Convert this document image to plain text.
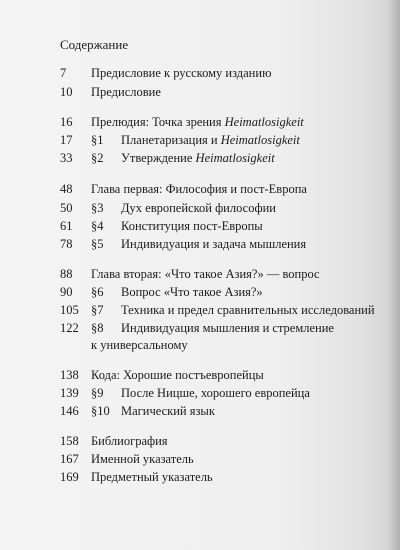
Содержание
7 Предисловие к русскому изданию
10 Предисловие
16 Прелюдия: Точка зрения Heimatlosigkeit
17 §1 Планетаризация и Heimatlosigkeit
33 §2 Утверждение Heimatlosigkeit
48 Глава первая: Философия и пост-Европа
50 §3 Дух европейской философии
61 §4 Конституция пост-Европы
78 §5 Индивидуация и задача мышления
88 Глава вторая: «Что такое Азия?» — вопрос
90 §6 Вопрос «Что такое Азия?»
105 §7 Техника и предел сравнительных исследований
122 §8 Индивидуация мышления и стремление
к универсальному
138 Кода: Хорошие постъевропейцы
139 §9 После Ницше, хорошего европейца
146 §10 Магический язык
158 Библиография
167 Именной указатель
169 Предметный указатель
